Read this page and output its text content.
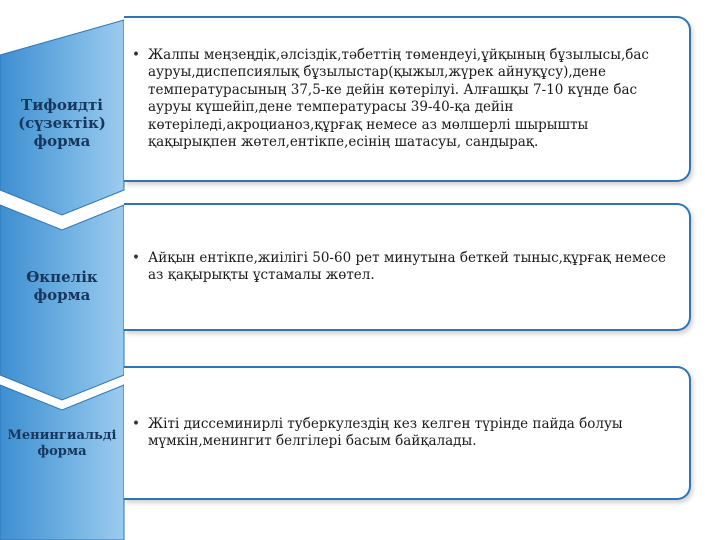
Тифоидті (сүзектік) форма
Өкпелік форма
Менингиальді форма
• Жалпы меңзеңдік,әлсіздік,тәбеттің төмендеуі,ұйқының бұзылысы,бас ауруы,диспепсиялық бұзылыстар(қыжыл,жүрек айнуқұсу),дене температурасының 37,5-ке дейін көтерілуі. Алғашқы 7-10 күнде бас ауруы күшейіп,дене температурасы 39-40-қа дейін көтеріледі,акроцианоз,құрғақ немесе аз мөлшерлі шырышты қақырықпен жөтел,ентікпе,есінің шатасуы, сандырақ.
• Айқын ентікпе,жиілігі 50-60 рет минутына беткей тыныс,құрғақ немесе аз қақырықты ұстамалы жөтел.
• Жіті диссеминирлі туберкулездің кез келген түрінде пайда болуы мүмкін,менингит белгілері басым байқалады.
